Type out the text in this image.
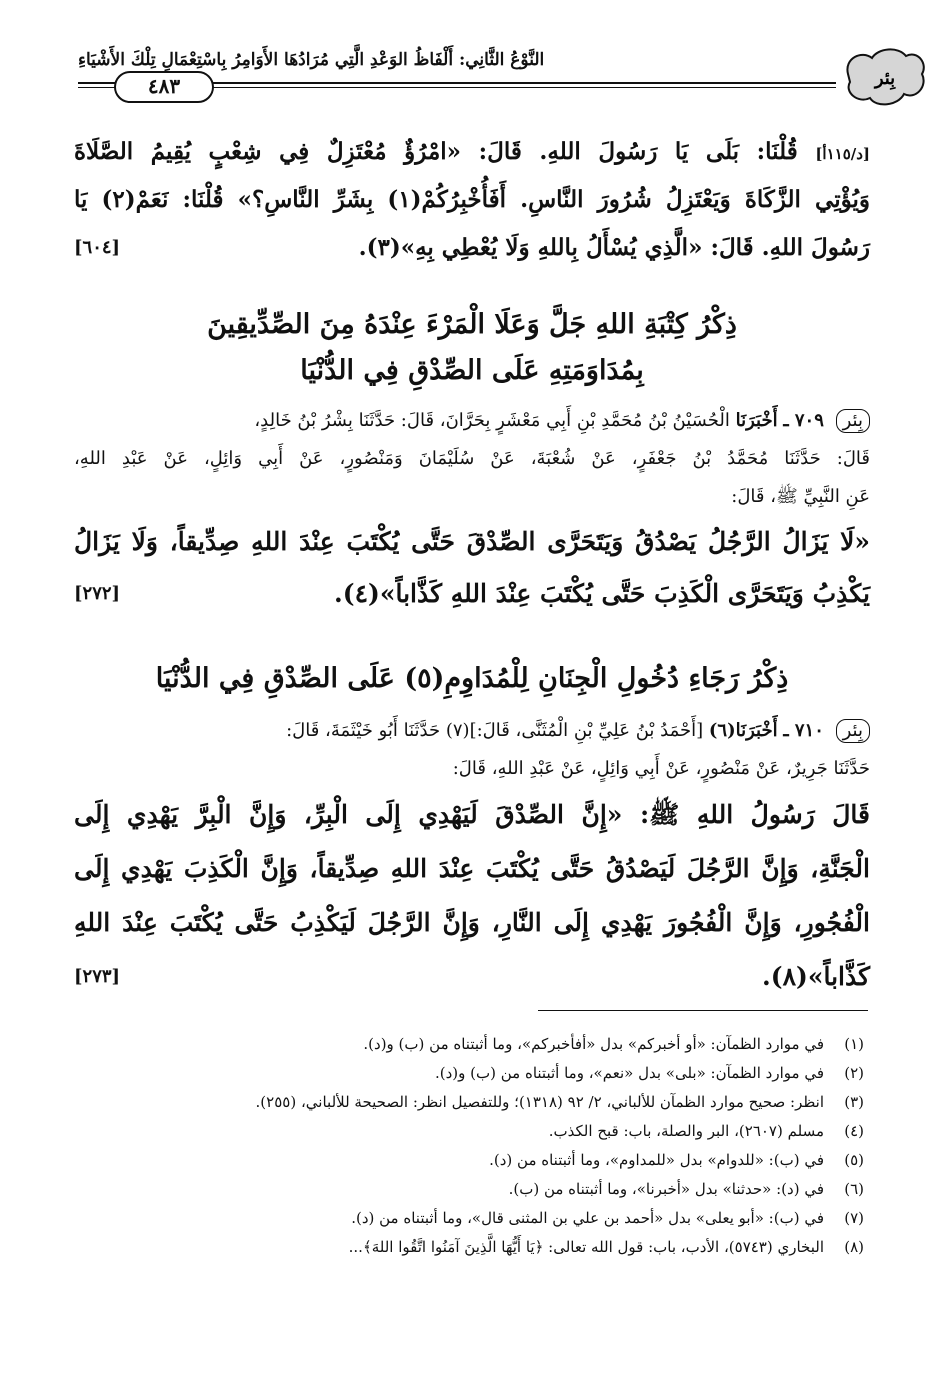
بِئر
النَّوْعُ الثَّانِي: أَلْفَاظُ الوَعْدِ الَّتِي مُرَادُهَا الأَوَامِرُ بِاسْتِعْمَالِ تِلْكَ الأَشْيَاءِ
٤٨٣
[د/١١٥أ] قُلْنَا: بَلَى يَا رَسُولَ اللهِ. قَالَ: «امْرُؤٌ مُعْتَزِلٌ فِي شِعْبٍ يُقِيمُ الصَّلَاةَ
وَيُؤْتِي الزَّكَاةَ وَيَعْتَزِلُ شُرُورَ النَّاسِ. أَفَأُخْبِرُكُمْ(١) بِشَرِّ النَّاسِ؟» قُلْنَا: نَعَمْ(٢) يَا
رَسُولَ اللهِ. قَالَ: «الَّذِي يُسْأَلُ بِاللهِ وَلَا يُعْطِي بِهِ»(٣).
[٦٠٤]
ذِكْرُ كِتْبَةِ اللهِ جَلَّ وَعَلَا الْمَرْءَ عِنْدَهُ مِنَ الصِّدِّيقِينَ
بِمُدَاوَمَتِهِ عَلَى الصِّدْقِ فِي الدُّنْيَا
بِئر ٧٠٩ ـ أَخْبَرَنَا الْحُسَيْنُ بْنُ مُحَمَّدِ بْنِ أَبِي مَعْشَرٍ بِحَرَّانَ، قَالَ: حَدَّثَنَا بِشْرُ بْنُ خَالِدٍ،
قَالَ: حَدَّثَنَا مُحَمَّدُ بْنُ جَعْفَرٍ، عَنْ شُعْبَةَ، عَنْ سُلَيْمَانَ وَمَنْصُورٍ، عَنْ أَبِي وَائِلٍ، عَنْ عَبْدِ اللهِ،
عَنِ النَّبِيِّ ﷺ، قَالَ:
«لَا يَزَالُ الرَّجُلُ يَصْدُقُ وَيَتَحَرَّى الصِّدْقَ حَتَّى يُكْتَبَ عِنْدَ اللهِ صِدِّيقاً، وَلَا يَزَالُ
يَكْذِبُ وَيَتَحَرَّى الْكَذِبَ حَتَّى يُكْتَبَ عِنْدَ اللهِ كَذَّاباً»(٤).
[٢٧٢]
ذِكْرُ رَجَاءِ دُخُولِ الْجِنَانِ لِلْمُدَاوِمِ(٥) عَلَى الصِّدْقِ فِي الدُّنْيَا
بِئر ٧١٠ ـ أَخْبَرَنَا(٦) [أَحْمَدُ بْنُ عَلِيِّ بْنِ الْمُثَنَّى، قَالَ:](٧) حَدَّثَنَا أَبُو خَيْثَمَةَ، قَالَ:
حَدَّثَنَا جَرِيرٌ، عَنْ مَنْصُورٍ، عَنْ أَبِي وَائِلٍ، عَنْ عَبْدِ اللهِ، قَالَ:
قَالَ رَسُولُ اللهِ ﷺ: «إِنَّ الصِّدْقَ لَيَهْدِي إِلَى الْبِرِّ، وَإِنَّ الْبِرَّ يَهْدِي إِلَى
الْجَنَّةِ، وَإِنَّ الرَّجُلَ لَيَصْدُقُ حَتَّى يُكْتَبَ عِنْدَ اللهِ صِدِّيقاً، وَإِنَّ الْكَذِبَ يَهْدِي إِلَى
الْفُجُورِ، وَإِنَّ الْفُجُورَ يَهْدِي إِلَى النَّارِ، وَإِنَّ الرَّجُلَ لَيَكْذِبُ حَتَّى يُكْتَبَ عِنْدَ اللهِ
كَذَّاباً»(٨).
[٢٧٣]
(١)
في موارد الظمآن: «أو أخبركم» بدل «أفأخبركم»، وما أثبتناه من (ب) و(د).
(٢)
في موارد الظمآن: «بلى» بدل «نعم»، وما أثبتناه من (ب) و(د).
(٣)
انظر: صحيح موارد الظمآن للألباني، ٢/ ٩٢ (١٣١٨)؛ وللتفصيل انظر: الصحيحة للألباني، (٢٥٥).
(٤)
مسلم (٢٦٠٧)، البر والصلة، باب: قبح الكذب.
(٥)
في (ب): «للدوام» بدل «للمداوم»، وما أثبتناه من (د).
(٦)
في (د): «حدثنا» بدل «أخبرنا»، وما أثبتناه من (ب).
(٧)
في (ب): «أبو يعلى» بدل «أحمد بن علي بن المثنى قال»، وما أثبتناه من (د).
(٨)
البخاري (٥٧٤٣)، الأدب، باب: قول الله تعالى: ﴿يَا أَيُّهَا الَّذِينَ آمَنُوا اتَّقُوا اللهَ﴾...
